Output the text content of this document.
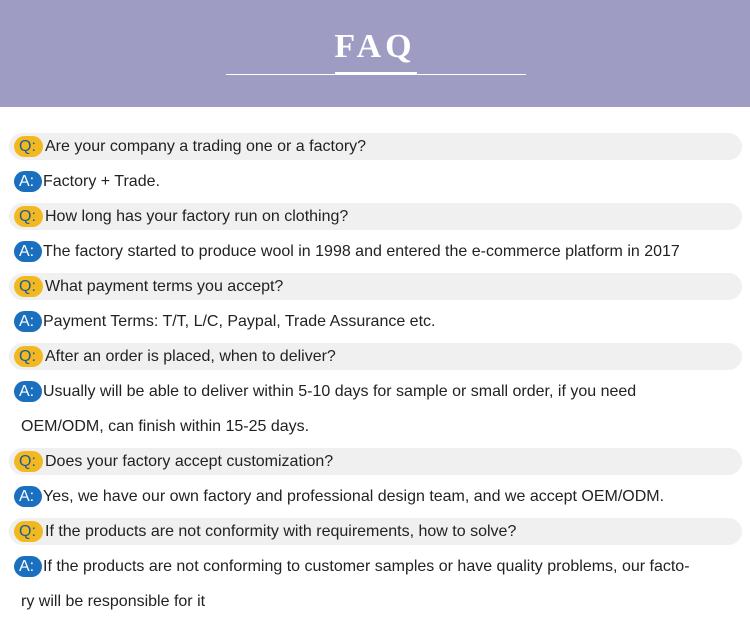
FAQ
Q: Are your company a trading one or a factory?
A: Factory + Trade.
Q: How long has your factory run on clothing?
A: The factory started to produce wool in 1998 and entered the e-commerce platform in 2017
Q: What payment terms you accept?
A: Payment Terms: T/T, L/C, Paypal, Trade Assurance etc.
Q: After an order is placed, when to deliver?
A: Usually will be able to deliver within 5-10 days for sample or small order, if you need
OEM/ODM, can finish within 15-25 days.
Q: Does your factory accept customization?
A: Yes, we have our own factory and professional design team, and we accept OEM/ODM.
Q: If the products are not conformity with requirements, how to solve?
A: If the products are not conforming to customer samples or have quality problems, our facto-
ry will be responsible for it
